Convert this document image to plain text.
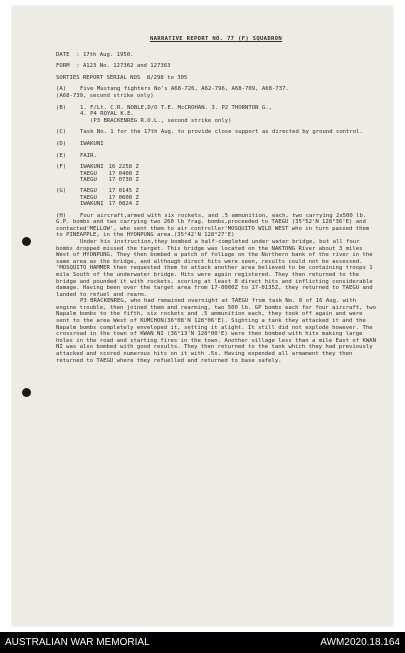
NARRATIVE REPORT NO. 77 (F) SQUADRON
DATE  : 17th Aug. 1950.
FORM  : A123 No. 127362 and 127363
SORTIES REPORT SERIAL NOS  8/298 to 305
(A) Five Mustang fighters No's A68-726, A62-796, A68-709, A68-737.
(A68-739, second strike only)
(B) 1. F/Lt. C.R. NOBLE,D/O T.E. McCROHAN. 3. P2 THORNTON G.,
4. P4 ROYAL K.E.
(P3 BRACKENREG R.O.L., second strike only)
(C) Task No. 1 for the 17th Aug. to provide close support as directed by ground control.
(D) IWAKUNI
(E) FAIR.
(F)	IWAKUNI	16 2258 Z
TAEGU	17 0400 Z
TAEGU	17 0730 Z
(G)	TAEGU	17 0145 Z
TAEGU	17 0600 Z
IWAKUNI	17 0824 Z
(H) Four aircraft,armed with six rockets, and .5 ammunition, each, two carrying 2x500 lb. G.P. bombs and two carrying two 260 lb frag. bombs,proceeded to TAEGU (35°52'N 128°36'E) and contacted'MELLOW', who sent them to air controller'MOSQUITO WILD WEST who in turn passed them to PINEAPPLE, in the HYONPUNG area.(35°42'N 128°27'E)
Under his instruction,they bombed a half-completed under water bridge, but all four bombs dropped missed the target. This bridge was located on the NAKTONG River about 3 miles West of HYONPUNG. They then bombed a patch of foliage on the Northern bank of the river in the same area as the bridge, and although direct hits were seen, results could not be assessed. 'MOSQUITO HAMMER then requested them to attack another area believed to be containing troops 1 mile South of the underwater bridge. Hits were again registered. They then returned to the bridge and pounded it with rockets, scoring at least 8 direct hits and inflicting considerable damage. Having been over the target area from 17-0000Z to 17-0135Z, they returned to TAEGU and landed to refuel and rearm.
P3 BRACKENREG, who had remained overnight at TAEGU from task No. 8 of 16 Aug. with engine trouble, then joined them and rearming, two 500 lb. GP bombs each for four aircraft, two Napalm bombs to the fifth, six rockets and .5 ammunition each, they took off again and were sent to the area West of KUMCHON(36°08'N 128°06'E). Sighting a tank they attacked it and the Napalm bombs completely enveloped it, setting it alight. It still did not explode however. The crossroad in the town of KWAN NI (36°13'N 128°00'E) were then bombed with hits making large holes in the road and starting fires in the town. Another village less than a mile East of KWAN NI was also bombed with good results. They then returned to the tank which they had previously attacked and scored numerous hits on it with .5s. Having expended all armament they then returned to TAEGU where they refuelled and returned to base safely.
AUSTRALIAN WAR MEMORIAL	AWM2020.18.164
